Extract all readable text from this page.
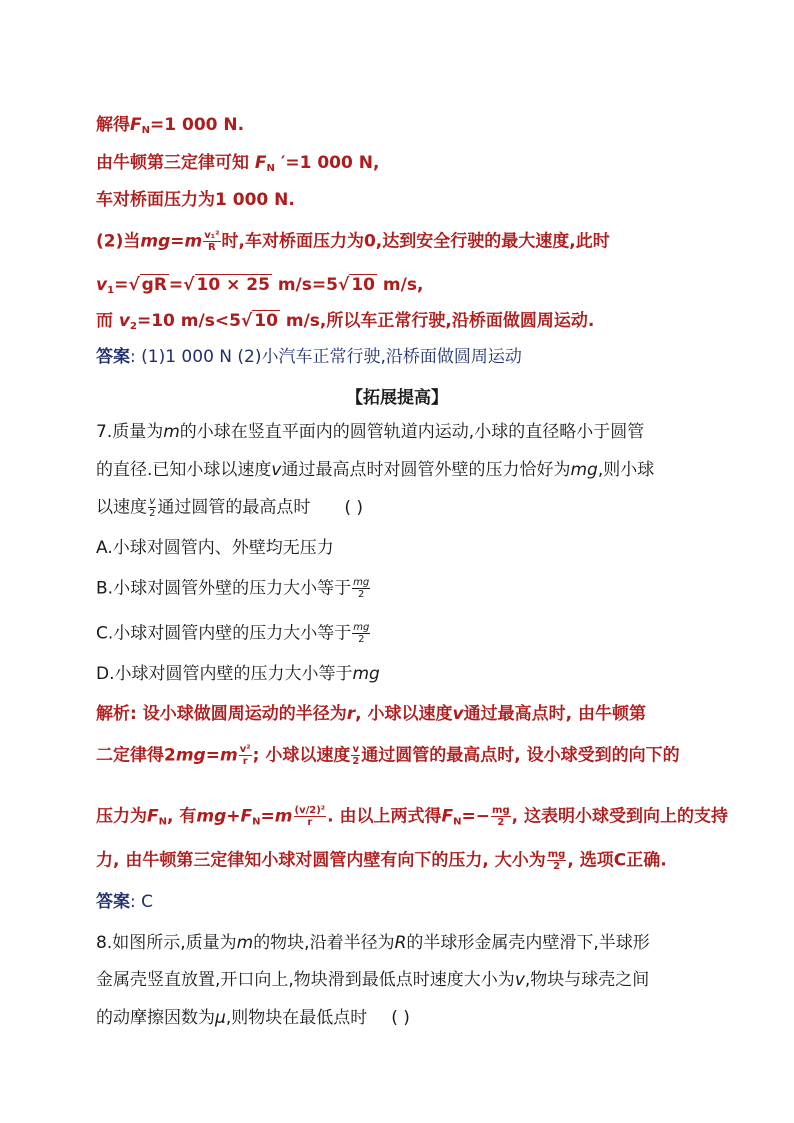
解得$F_N=1$ 000 N.
由牛顿第三定律可知 $F_N$ ′=1 000 N,
车对桥面压力为1 000 N.
(2)当$mg=m \frac{\text{v₁²}}{R}$ 时,车对桥面压力为0,达到安全行驶的最大速度,此时
$v_1=√$ gR =√ 10 × 25 m/s=5√ 10 m/s,
而 $v_2=10$ m/s<5√ 10 m/s,所以车正常行驶,沿桥面做圆周运动.
答案: (1)1 000 N (2)小汽车正常行驶,沿桥面做圆周运动
【拓展提高】
7.质量为m的小球在竖直平面内的圆管轨道内运动,小球的直径略小于圆管
的直径.已知小球以速度v通过最高点时对圆管外壁的压力恰好为mg,则小球
以速度 $\frac{v}{2}$ 通过圆管的最高点时 ( )
A.小球对圆管内、外壁均无压力
B.小球对圆管外壁的压力大小等于 $\frac{mg}{2}$
C.小球对圆管内壁的压力大小等于 $\frac{mg}{2}$
D.小球对圆管内壁的压力大小等于mg
解析: 设小球做圆周运动的半径为r, 小球以速度v通过最高点时, 由牛顿第
二定律得$2mg=m \frac{\text{v²}}{r}$ ; 小球以速度 $\frac{v}{2}$ 通过圆管的最高点时, 设小球受到的向下的
压力为$F_N$, 有$mg+F_N=m \frac{\text{(v/2)²}}{r}$ . 由以上两式得$F_N=- \frac{mg}{2}$ , 这表明小球受到向上的支持
力, 由牛顿第三定律知小球对圆管内壁有向下的压力, 大小为 $\frac{mg}{2}$ , 选项C正确.
答案: C
8.如图所示,质量为m的物块,沿着半径为R的半球形金属壳内壁滑下,半球形
金属壳竖直放置,开口向上,物块滑到最低点时速度大小为v,物块与球壳之间
的动摩擦因数为μ,则物块在最低点时 ( )
